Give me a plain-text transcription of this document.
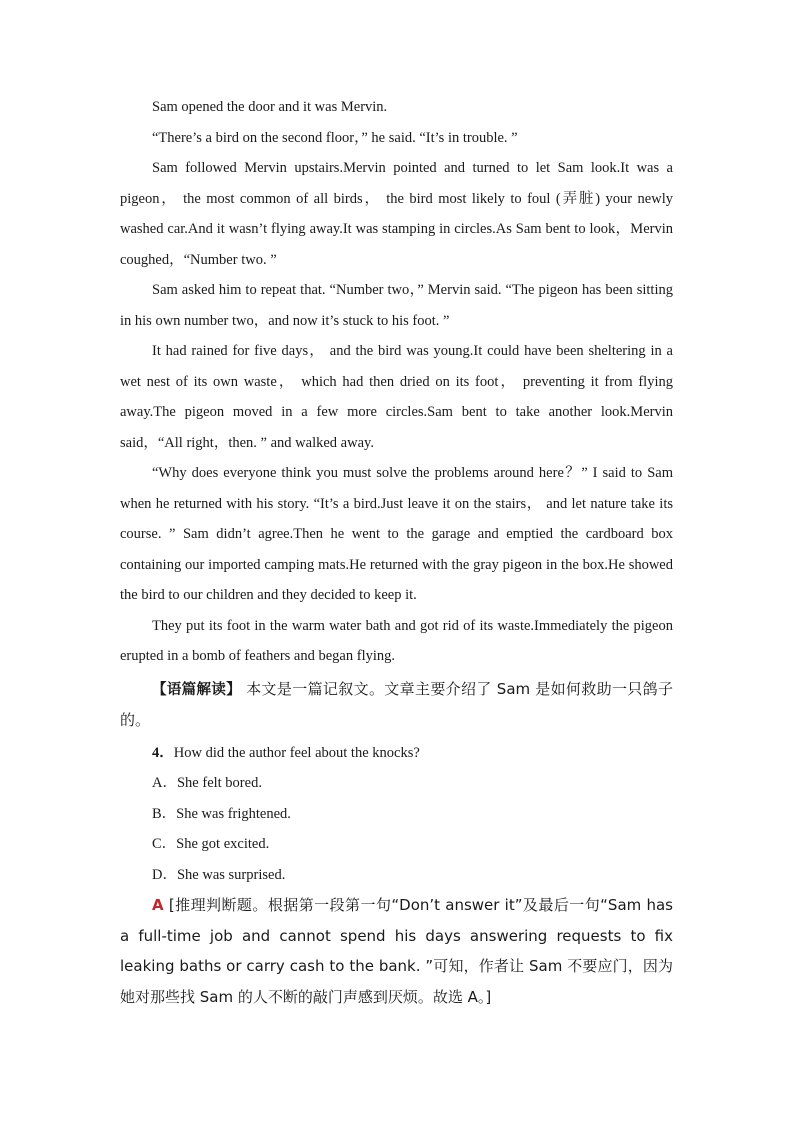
Sam opened the door and it was Mervin.

“There’s a bird on the second floor，” he said. “It’s in trouble. ”

Sam followed Mervin upstairs.Mervin pointed and turned to let Sam look.It was a pigeon， the most common of all birds， the bird most likely to foul (弄脏) your newly washed car.And it wasn’t flying away.It was stamping in circles.As Sam bent to look，Mervin coughed，“Number two. ”

Sam asked him to repeat that. “Number two，” Mervin said. “The pigeon has been sitting in his own number two，and now it’s stuck to his foot. ”

It had rained for five days， and the bird was young.It could have been sheltering in a wet nest of its own waste， which had then dried on its foot， preventing it from flying away.The pigeon moved in a few more circles.Sam bent to take another look.Mervin said，“All right，then. ” and walked away.

“Why does everyone think you must solve the problems around here？” I said to Sam when he returned with his story. “It’s a bird.Just leave it on the stairs， and let nature take its course. ” Sam didn’t agree.Then he went to the garage and emptied the cardboard box containing our imported camping mats.He returned with the gray pigeon in the box.He showed the bird to our children and they decided to keep it.

They put its foot in the warm water bath and got rid of its waste.Immediately the pigeon erupted in a bomb of feathers and began flying.

【语篇解读】 本文是一篇记叙文。文章主要介绍了 Sam 是如何救助一只鸽子的。

4．How did the author feel about the knocks?

A．She felt bored.

B．She was frightened.

C．She got excited.

D．She was surprised.

A [推理判断题。根据第一段第一句“Don’t answer it”及最后一句“Sam has a full-time job and cannot spend his days answering requests to fix leaking baths or carry cash to the bank. ”可知，作者让 Sam 不要应门，因为她对那些找 Sam 的人不断的敲门声感到厌烦。故选 A。]
